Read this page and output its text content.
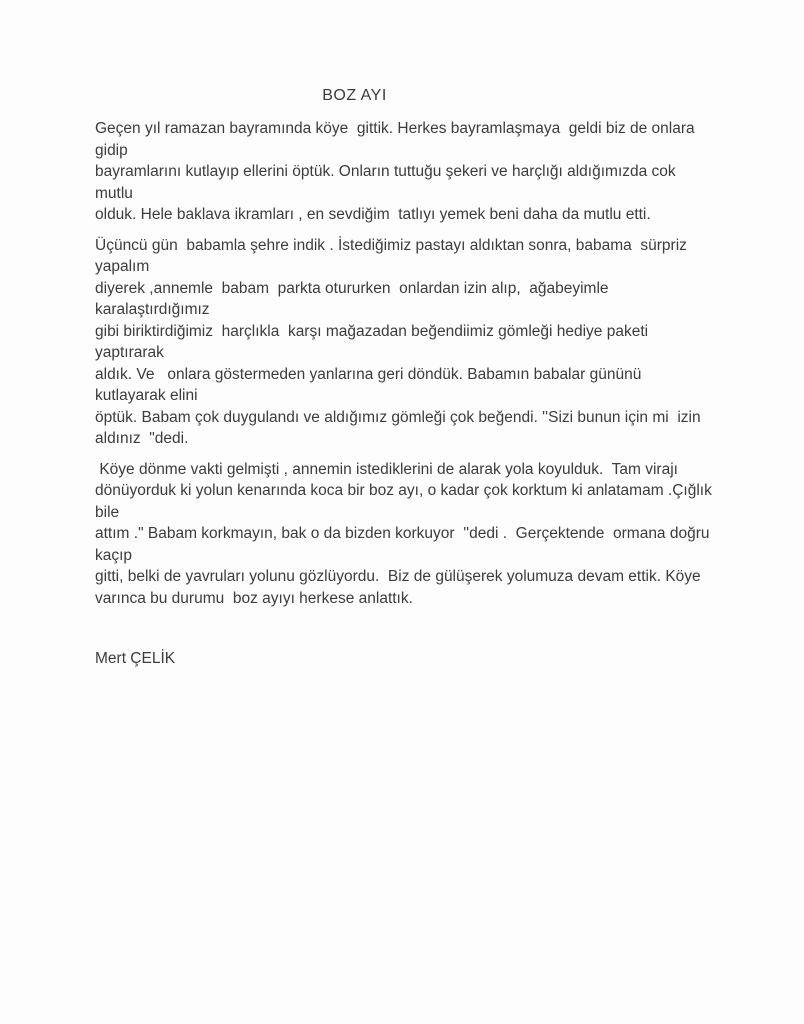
BOZ AYI
Geçen yıl ramazan bayramında köye  gittik. Herkes bayramlaşmaya  geldi biz de onlara gidip
bayramlarını kutlayıp ellerini öptük. Onların tuttuğu şekeri ve harçlığı aldığımızda cok mutlu
olduk. Hele baklava ikramları , en sevdiğim  tatlıyı yemek beni daha da mutlu etti.
Üçüncü gün  babamla şehre indik . İstediğimiz pastayı aldıktan sonra, babama  sürpriz yapalım
diyerek ,annemle  babam  parkta otururken  onlardan izin alıp,  ağabeyimle karalaştırdığımız
gibi biriktirdiğimiz  harçlıkla  karşı mağazadan beğendiimiz gömleği hediye paketi yaptırarak
aldık. Ve   onlara göstermeden yanlarına geri döndük. Babamın babalar gününü kutlayarak elini
öptük. Babam çok duygulandı ve aldığımız gömleği çok beğendi. ''Sizi bunun için mi  izin
aldınız  "dedi.
Köye dönme vakti gelmişti , annemin istediklerini de alarak yola koyulduk.  Tam virajı
dönüyorduk ki yolun kenarında koca bir boz ayı, o kadar çok korktum ki anlatamam .Çığlık bile
attım ." Babam korkmayın, bak o da bizden korkuyor  ''dedi .  Gerçektende  ormana doğru kaçıp
gitti, belki de yavruları yolunu gözlüyordu.  Biz de gülüşerek yolumuza devam ettik. Köye
varınca bu durumu  boz ayıyı herkese anlattık.
Mert ÇELİK
